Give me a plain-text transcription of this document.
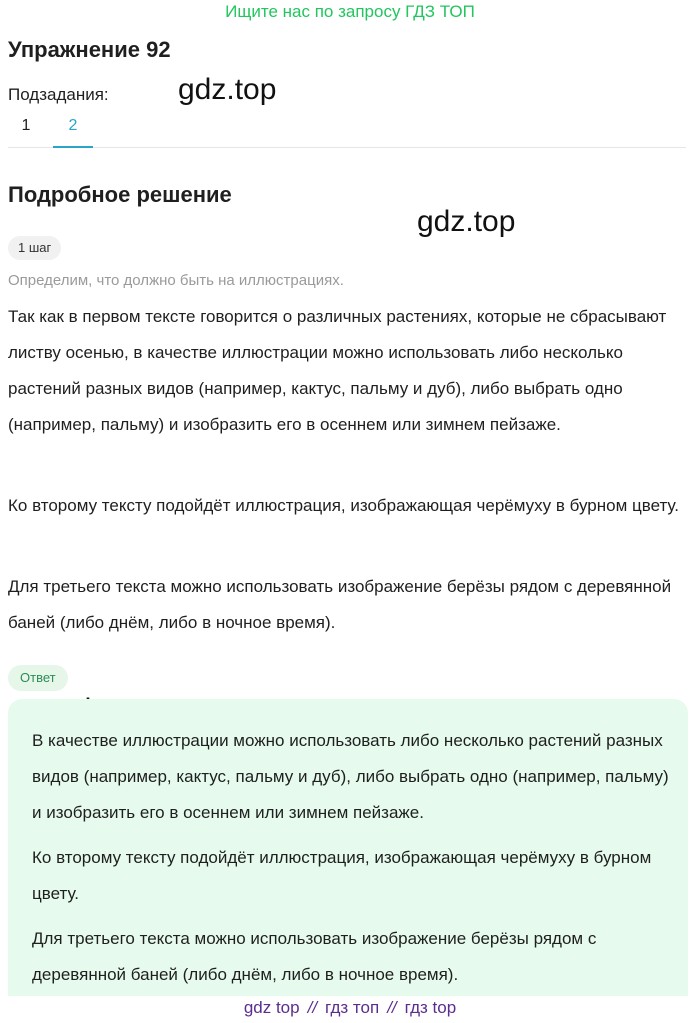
Ищите нас по запросу ГДЗ ТОП
Упражнение 92
Подзадания:
1	2
gdz.top
gdz.top
Подробное решение
1 шаг
Определим, что должно быть на иллюстрациях.
Так как в первом тексте говорится о различных растениях, которые не сбрасывают листву осенью, в качестве иллюстрации можно использовать либо несколько растений разных видов (например, кактус, пальму и дуб), либо выбрать одно (например, пальму) и изобразить его в осеннем или зимнем пейзаже.
Ко второму тексту подойдёт иллюстрация, изображающая черёмуху в бурном цвету.
Для третьего текста можно использовать изображение берёзы рядом с деревянной баней (либо днём, либо в ночное время).
Ответ
В качестве иллюстрации можно использовать либо несколько растений разных видов (например, кактус, пальму и дуб), либо выбрать одно (например, пальму) и изобразить его в осеннем или зимнем пейзаже.
Ко второму тексту подойдёт иллюстрация, изображающая черёмуху в бурном цвету.
Для третьего текста можно использовать изображение берёзы рядом с деревянной баней (либо днём, либо в ночное время).
gdz top // гдз топ // гдз top
